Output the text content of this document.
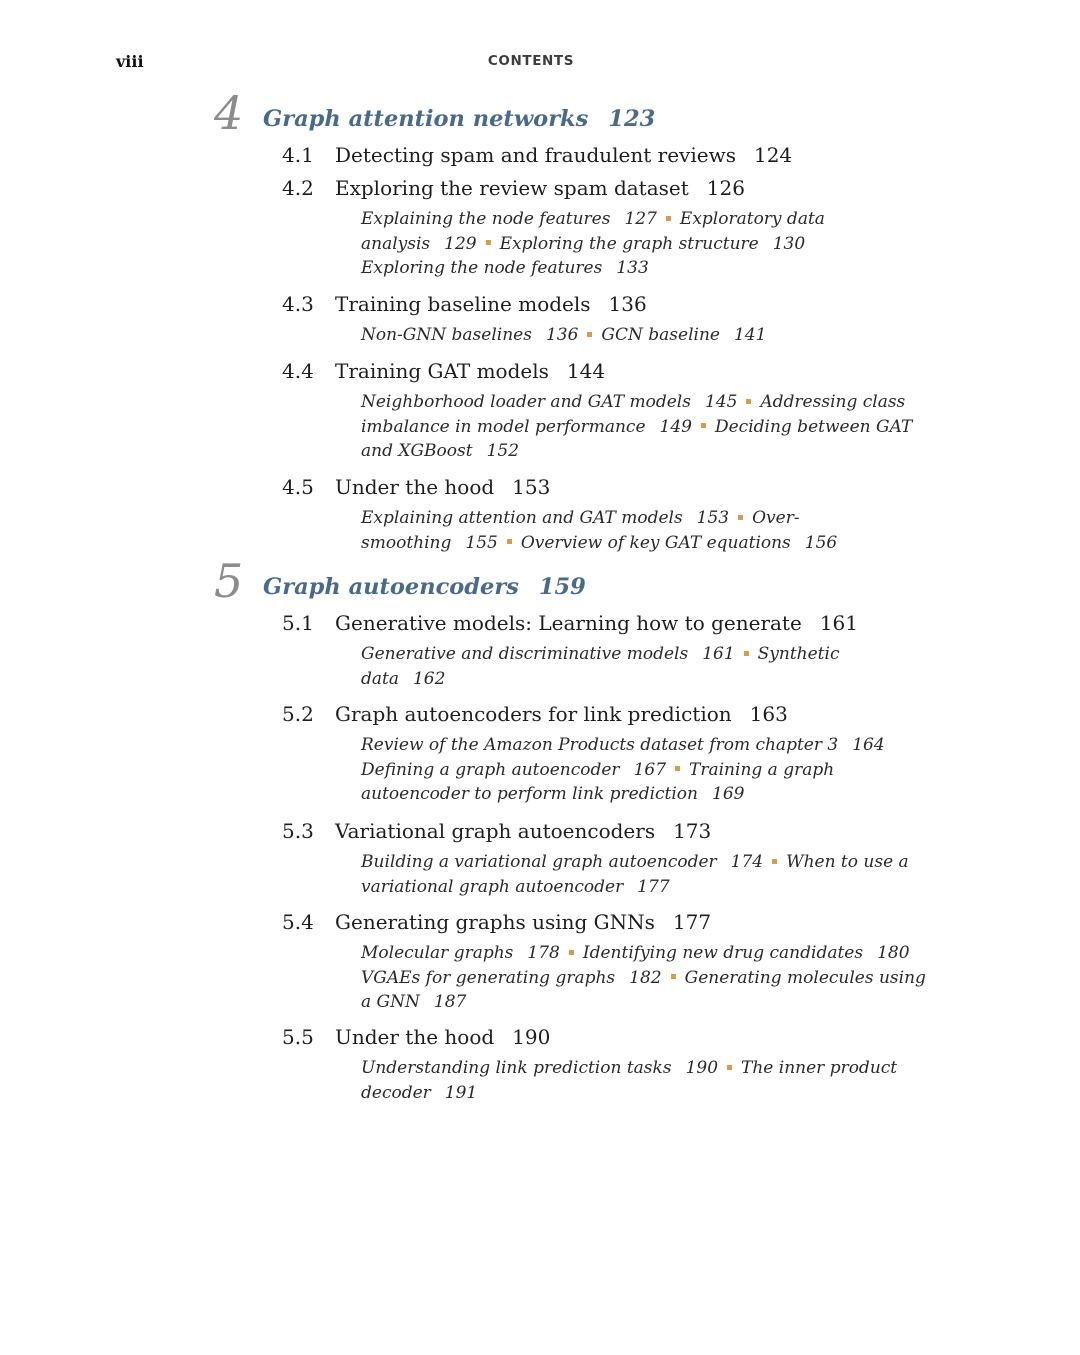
viii	CONTENTS
4 Graph attention networks 123
4.1 Detecting spam and fraudulent reviews 124
4.2 Exploring the review spam dataset 126
Explaining the node features 127 Exploratory data
analysis 129 Exploring the graph structure 130
Exploring the node features 133
4.3 Training baseline models 136
Non-GNN baselines 136 GCN baseline 141
4.4 Training GAT models 144
Neighborhood loader and GAT models 145 Addressing class
imbalance in model performance 149 Deciding between GAT
and XGBoost 152
4.5 Under the hood 153
Explaining attention and GAT models 153 Over-
smoothing 155 Overview of key GAT equations 156
5 Graph autoencoders 159
5.1 Generative models: Learning how to generate 161
Generative and discriminative models 161 Synthetic
data 162
5.2 Graph autoencoders for link prediction 163
Review of the Amazon Products dataset from chapter 3 164
Defining a graph autoencoder 167 Training a graph
autoencoder to perform link prediction 169
5.3 Variational graph autoencoders 173
Building a variational graph autoencoder 174 When to use a
variational graph autoencoder 177
5.4 Generating graphs using GNNs 177
Molecular graphs 178 Identifying new drug candidates 180
VGAEs for generating graphs 182 Generating molecules using
a GNN 187
5.5 Under the hood 190
Understanding link prediction tasks 190 The inner product
decoder 191
